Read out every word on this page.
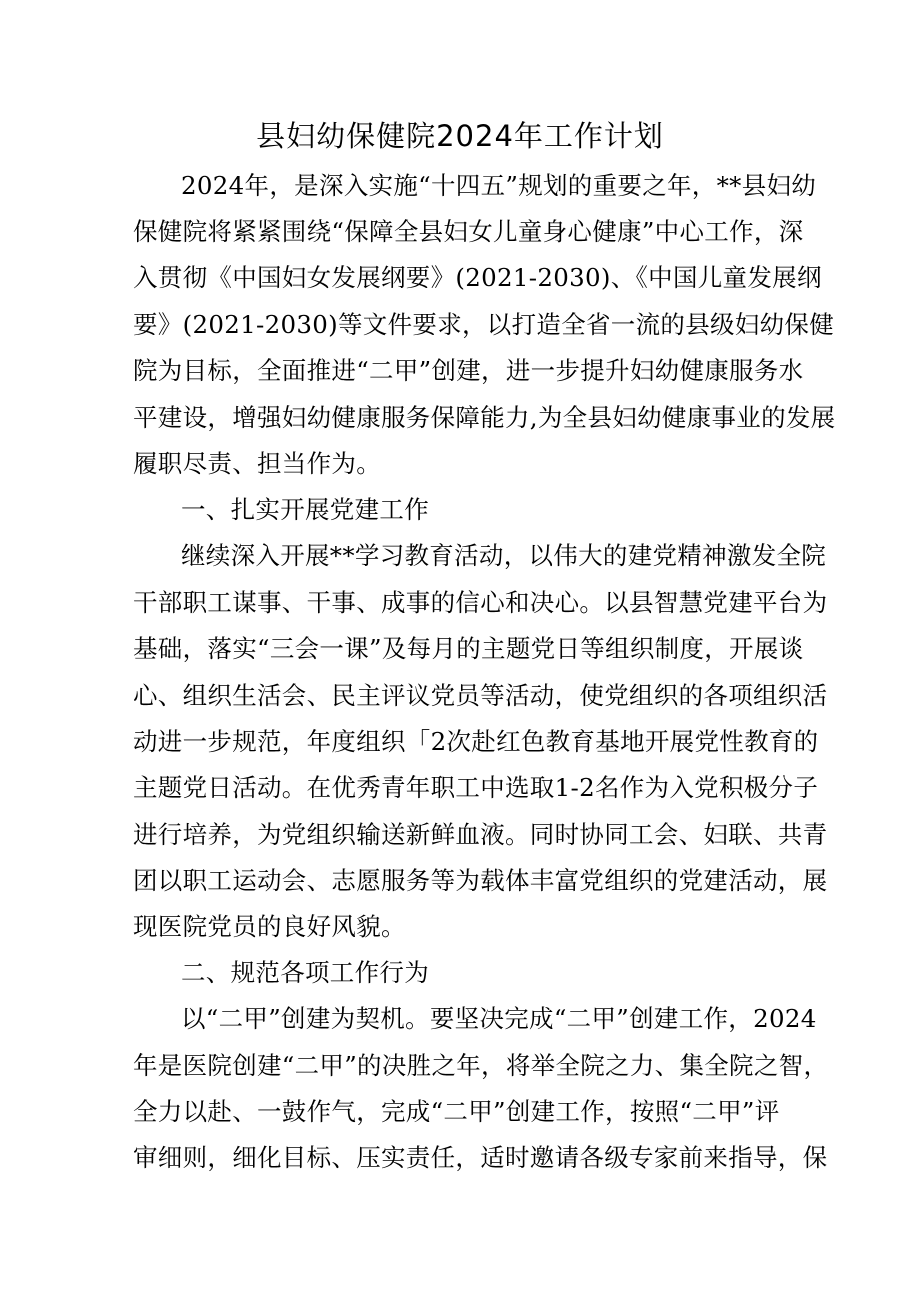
县妇幼保健院2024年工作计划
2024年，是深入实施“十四五”规划的重要之年，**县妇幼
保健院将紧紧围绕“保障全县妇女儿童身心健康”中心工作，深
入贯彻《中国妇女发展纲要》(2021-2030)、《中国儿童发展纲
要》(2021-2030)等文件要求，以打造全省一流的县级妇幼保健
院为目标，全面推进“二甲”创建，进一步提升妇幼健康服务水
平建设，增强妇幼健康服务保障能力,为全县妇幼健康事业的发展
履职尽责、担当作为。
一、扎实开展党建工作
继续深入开展**学习教育活动，以伟大的建党精神激发全院
干部职工谋事、干事、成事的信心和决心。以县智慧党建平台为
基础，落实“三会一课”及每月的主题党日等组织制度，开展谈
心、组织生活会、民主评议党员等活动，使党组织的各项组织活
动进一步规范，年度组织「2次赴红色教育基地开展党性教育的
主题党日活动。在优秀青年职工中选取1-2名作为入党积极分子
进行培养，为党组织输送新鲜血液。同时协同工会、妇联、共青
团以职工运动会、志愿服务等为载体丰富党组织的党建活动，展
现医院党员的良好风貌。
二、规范各项工作行为
以“二甲”创建为契机。要坚决完成“二甲”创建工作，2024
年是医院创建“二甲”的决胜之年，将举全院之力、集全院之智，
全力以赴、一鼓作气，完成“二甲”创建工作，按照“二甲”评
审细则，细化目标、压实责任，适时邀请各级专家前来指导，保
